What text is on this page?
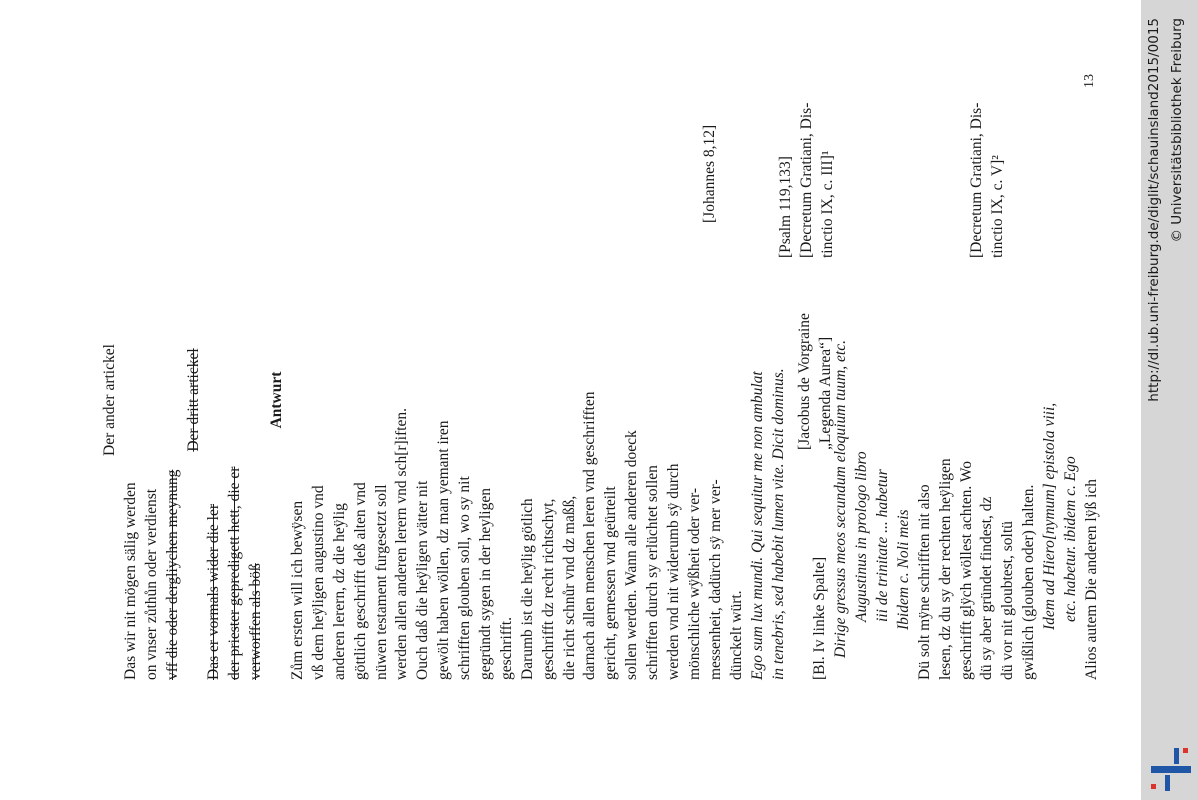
Der ander artickel
Das wir nit mögen sälig werden on vnser zůthůn oder verdienst vff die oder dergliychen meynung
Der dritt artickel
Das er vormals wider die ler der priester gepredigett hett, die er verworffen als böß
Antwurt
Zům ersten will ich bewÿsen vß dem heÿligen augustino vnd anderen lerern, dz die heÿlig göttlich geschrifft deß alten vnd nüwen testament furgesetzt soll werden allen anderen lerern vnd sch[r]iften. Ouch daß die heÿligen vätter nit gewölt haben wöllen, dz man yemant iren schrifften glouben soll, wo sy nit gegründt sygen in der heyligen geschrifft. Darumb ist die heÿlig götlich geschrifft dz recht richtschyt, die richt schnůr vnd dz maßß, darnach allen menschen leren vnd geschrifften gericht, gemessen vnd geürteilt sollen werden. Wann alle anderen doeck schrifften durch sy erlüchtet sollen werden vnd nit widerumb sÿ durch mönschliche wÿßheit oder ver- messenheit, dadürch sÿ mer ver- dünckelt würt. Ego sum lux mundi. Qui sequitur me non ambulat in tenebris, sed habebit lumen vite. Dicit dominus. [Bl. Iv linke Spalte] Dirige gressus meos secundum eloquium tuum, etc. Augustinus in prologo libro iii de trinitate ... habetur Ibidem c. Noli meis Dü solt mÿne schrifften nit also lesen, dz du sy der rechten heÿligen geschrifft glÿch wöllest achten. Wo dü sy aber gründet findest, dz dü vor nit gloubtest, soltü gwißlich (glouben oder) halten. Idem ad Hiero[nymum] epistola viii, etc. habetur. ibidem c. Ego Alios autem Die anderen lÿß ich
[Jacobus de Vorgraine „Legenda Aurea“]
[Johannes 8,12]	[Psalm 119,133] [Decretum Gratiani, Dis- tinctio IX, c. III]¹	[Decretum Gratiani, Dis- tinctio IX, c. V]²
13	http://dl.ub.uni-freiburg.de/diglit/schauinsland2015/0015 © Universitätsbibliothek Freiburg
